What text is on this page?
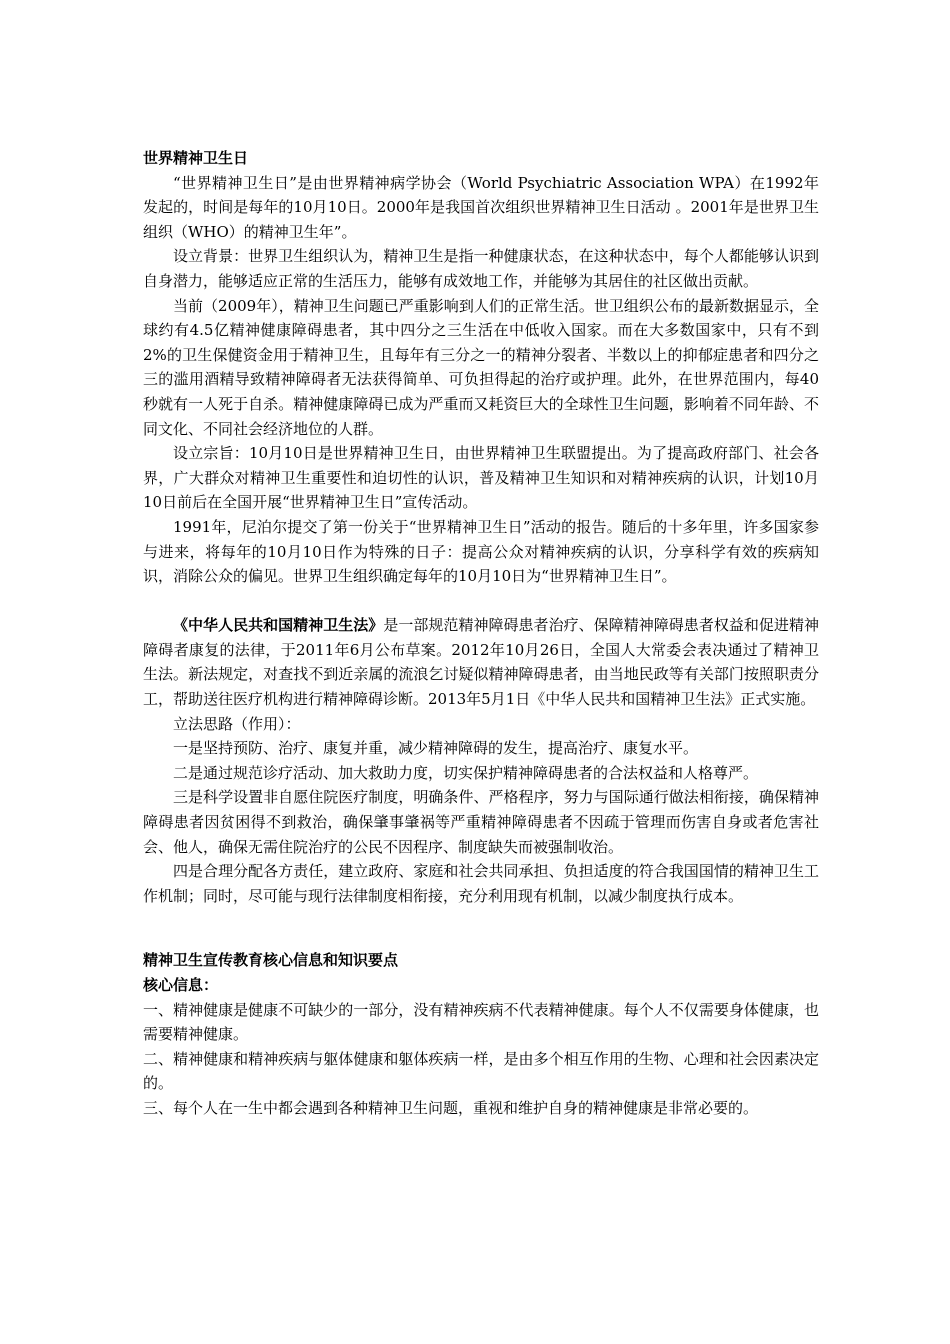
世界精神卫生日

“世界精神卫生日”是由世界精神病学协会（World Psychiatric Association WPA）在1992年发起的，时间是每年的10月10日。2000年是我国首次组织世界精神卫生日活动 。2001年是世界卫生组织（WHO）的精神卫生年”。

设立背景：世界卫生组织认为，精神卫生是指一种健康状态，在这种状态中，每个人都能够认识到自身潜力，能够适应正常的生活压力，能够有成效地工作，并能够为其居住的社区做出贡献。

当前（2009年），精神卫生问题已严重影响到人们的正常生活。世卫组织公布的最新数据显示，全球约有4.5亿精神健康障碍患者，其中四分之三生活在中低收入国家。而在大多数国家中，只有不到2%的卫生保健资金用于精神卫生，且每年有三分之一的精神分裂者、半数以上的抑郁症患者和四分之三的滥用酒精导致精神障碍者无法获得简单、可负担得起的治疗或护理。此外，在世界范围内，每40秒就有一人死于自杀。精神健康障碍已成为严重而又耗资巨大的全球性卫生问题，影响着不同年龄、不同文化、不同社会经济地位的人群。

设立宗旨：10月10日是世界精神卫生日，由世界精神卫生联盟提出。为了提高政府部门、社会各界，广大群众对精神卫生重要性和迫切性的认识，普及精神卫生知识和对精神疾病的认识，计划10月10日前后在全国开展“世界精神卫生日”宣传活动。

1991年，尼泊尔提交了第一份关于“世界精神卫生日”活动的报告。随后的十多年里，许多国家参与进来，将每年的10月10日作为特殊的日子：提高公众对精神疾病的认识，分享科学有效的疾病知识，消除公众的偏见。世界卫生组织确定每年的10月10日为“世界精神卫生日”。

《中华人民共和国精神卫生法》是一部规范精神障碍患者治疗、保障精神障碍患者权益和促进精神障碍者康复的法律，于2011年6月公布草案。2012年10月26日，全国人大常委会表决通过了精神卫生法。新法规定，对查找不到近亲属的流浪乞讨疑似精神障碍患者，由当地民政等有关部门按照职责分工，帮助送往医疗机构进行精神障碍诊断。2013年5月1日《中华人民共和国精神卫生法》正式实施。

立法思路（作用）：

一是坚持预防、治疗、康复并重，减少精神障碍的发生，提高治疗、康复水平。

二是通过规范诊疗活动、加大救助力度，切实保护精神障碍患者的合法权益和人格尊严。

三是科学设置非自愿住院医疗制度，明确条件、严格程序，努力与国际通行做法相衔接，确保精神障碍患者因贫困得不到救治，确保肇事肇祸等严重精神障碍患者不因疏于管理而伤害自身或者危害社会、他人，确保无需住院治疗的公民不因程序、制度缺失而被强制收治。

四是合理分配各方责任，建立政府、家庭和社会共同承担、负担适度的符合我国国情的精神卫生工作机制；同时，尽可能与现行法律制度相衔接，充分利用现有机制，以减少制度执行成本。

精神卫生宣传教育核心信息和知识要点

核心信息：

一、精神健康是健康不可缺少的一部分，没有精神疾病不代表精神健康。每个人不仅需要身体健康，也需要精神健康。

二、精神健康和精神疾病与躯体健康和躯体疾病一样，是由多个相互作用的生物、心理和社会因素决定的。

三、每个人在一生中都会遇到各种精神卫生问题，重视和维护自身的精神健康是非常必要的。
